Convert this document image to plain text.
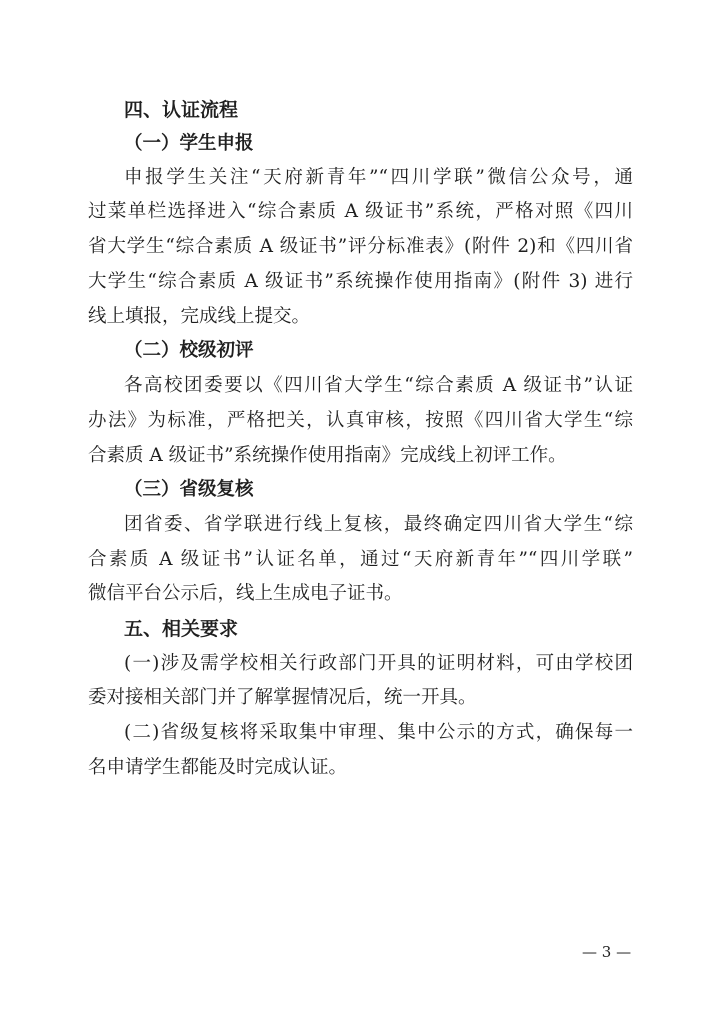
四、认证流程
（一）学生申报
申报学生关注“天府新青年”“四川学联”微信公众号，通
过菜单栏选择进入“综合素质 A 级证书”系统，严格对照《四川
省大学生“综合素质 A 级证书”评分标准表》(附件 2)和《四川省
大学生“综合素质 A 级证书”系统操作使用指南》(附件 3) 进行
线上填报，完成线上提交。
（二）校级初评
各高校团委要以《四川省大学生“综合素质 A 级证书”认证
办法》为标准，严格把关，认真审核，按照《四川省大学生“综
合素质 A 级证书”系统操作使用指南》完成线上初评工作。
（三）省级复核
团省委、省学联进行线上复核，最终确定四川省大学生“综
合素质 A 级证书”认证名单，通过“天府新青年”“四川学联”
微信平台公示后，线上生成电子证书。
五、相关要求
(一)涉及需学校相关行政部门开具的证明材料，可由学校团
委对接相关部门并了解掌握情况后，统一开具。
(二)省级复核将采取集中审理、集中公示的方式，确保每一
名申请学生都能及时完成认证。
— 3 —
